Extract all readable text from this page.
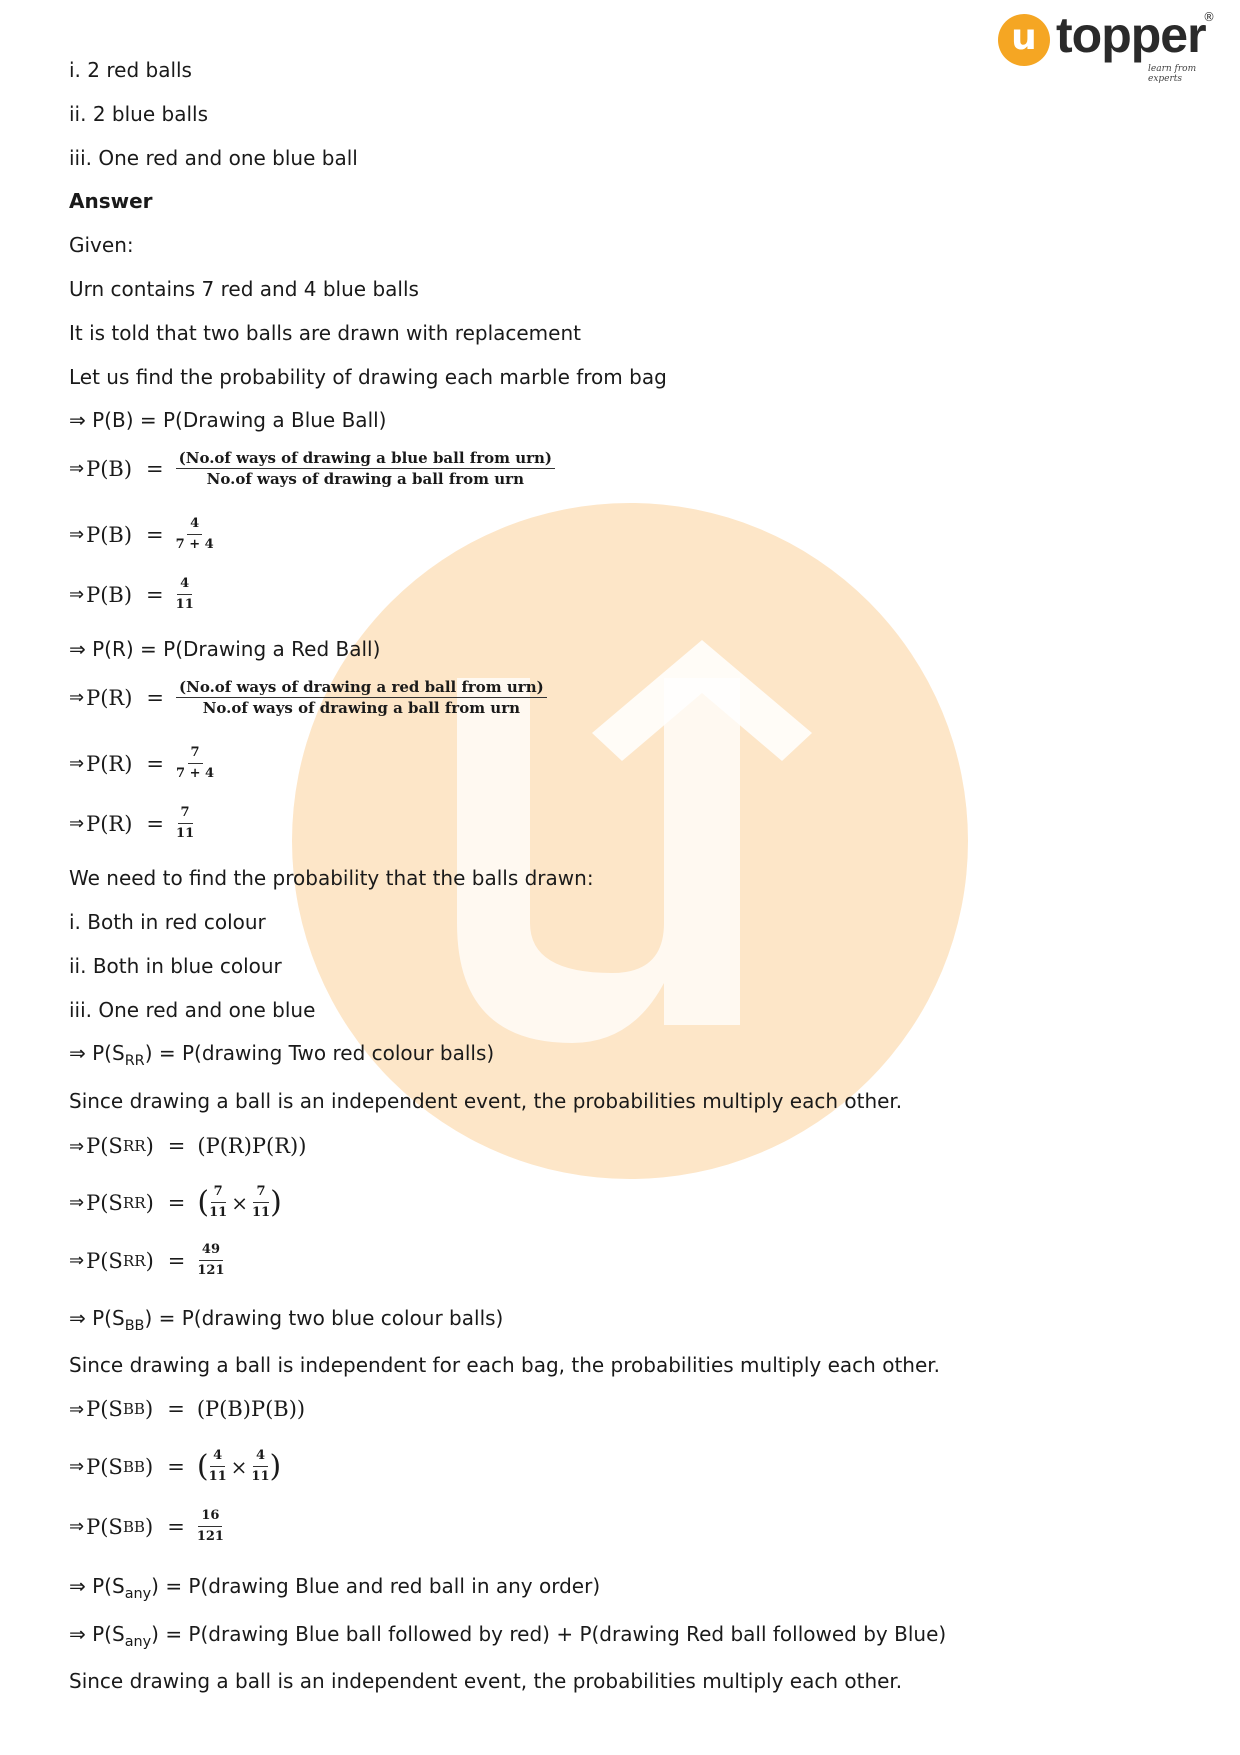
u topper
learn from experts
®
i. 2 red balls
ii. 2 blue balls
iii. One red and one blue ball
Answer
Given:
Urn contains 7 red and 4 blue balls
It is told that two balls are drawn with replacement
Let us find the probability of drawing each marble from bag
⇒ P(B) = P(Drawing a Blue Ball)
⇒ $P(B) = \frac{\text{(No.of ways of drawing a blue ball from urn)}}{\text{No.of ways of drawing a ball from urn}}$
⇒ $P(B) = \frac{4}{7 + 4}$
⇒ $P(B) = \frac{4}{11}$
⇒ P(R) = P(Drawing a Red Ball)
⇒ $P(R) = \frac{\text{(No.of ways of drawing a red ball from urn)}}{\text{No.of ways of drawing a ball from urn}}$
⇒ $P(R) = \frac{7}{7 + 4}$
⇒ $P(R) = \frac{7}{11}$
We need to find the probability that the balls drawn:
i. Both in red colour
ii. Both in blue colour
iii. One red and one blue
⇒ $P(S_{RR})$ = P(drawing Two red colour balls)
Since drawing a ball is an independent event, the probabilities multiply each other.
⇒ P(S RR ) = (P(R)P(R))
⇒ P(S RR ) = ( $\frac{7}{11} \times \frac{7}{11}$ )
⇒ P(S RR ) = $\frac{49}{121}$
⇒ $P(S_{BB})$ = P(drawing two blue colour balls)
Since drawing a ball is independent for each bag, the probabilities multiply each other.
⇒ P(S BB ) = (P(B)P(B))
⇒ P(S BB ) = ( $\frac{4}{11} \times \frac{4}{11}$ )
⇒ P(S BB ) = $\frac{16}{121}$
⇒ $P(S_{any})$ = P(drawing Blue and red ball in any order)
⇒ $P(S_{any})$ = P(drawing Blue ball followed by red) + P(drawing Red ball followed by Blue)
Since drawing a ball is an independent event, the probabilities multiply each other.
